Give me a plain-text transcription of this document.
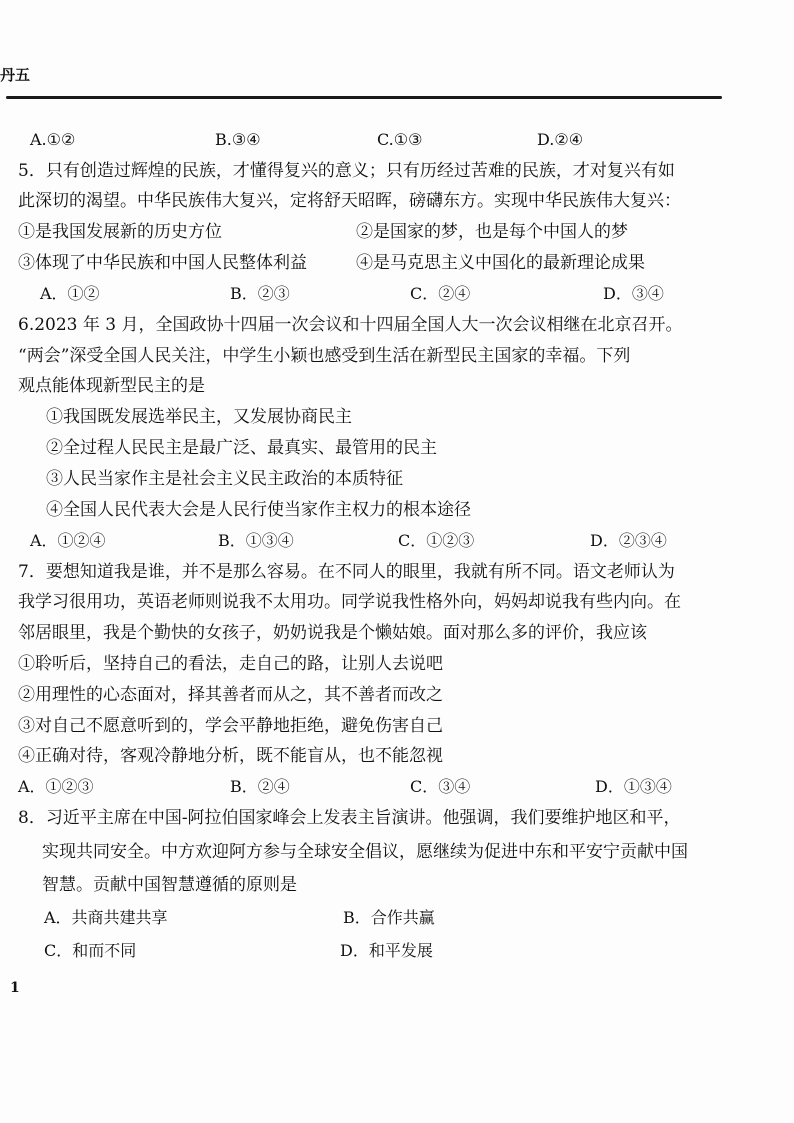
丹五
A.①②	B.③④	C.①③	D.②④
5．只有创造过辉煌的民族，才懂得复兴的意义；只有历经过苦难的民族，才对复兴有如
此深切的渴望。中华民族伟大复兴，定将舒天昭晖，磅礴东方。实现中华民族伟大复兴：
①是我国发展新的历史方位	②是国家的梦，也是每个中国人的梦
③体现了中华民族和中国人民整体利益	④是马克思主义中国化的最新理论成果
A．①②	B．②③	C．②④	D．③④
6.2023 年 3 月，全国政协十四届一次会议和十四届全国人大一次会议相继在北京召开。
“两会”深受全国人民关注，中学生小颖也感受到生活在新型民主国家的幸福。下列
观点能体现新型民主的是
①我国既发展选举民主，又发展协商民主
②全过程人民民主是最广泛、最真实、最管用的民主
③人民当家作主是社会主义民主政治的本质特征
④全国人民代表大会是人民行使当家作主权力的根本途径
A．①②④	B．①③④	C．①②③	D．②③④
7．要想知道我是谁，并不是那么容易。在不同人的眼里，我就有所不同。语文老师认为
我学习很用功，英语老师则说我不太用功。同学说我性格外向，妈妈却说我有些内向。在
邻居眼里，我是个勤快的女孩子，奶奶说我是个懒姑娘。面对那么多的评价，我应该
①聆听后，坚持自己的看法，走自己的路，让别人去说吧
②用理性的心态面对，择其善者而从之，其不善者而改之
③对自己不愿意听到的，学会平静地拒绝，避免伤害自己
④正确对待，客观冷静地分析，既不能盲从，也不能忽视
A．①②③	B．②④	C．③④	D．①③④
8．习近平主席在中国-阿拉伯国家峰会上发表主旨演讲。他强调，我们要维护地区和平，
实现共同安全。中方欢迎阿方参与全球安全倡议，愿继续为促进中东和平安宁贡献中国
智慧。贡献中国智慧遵循的原则是
A．共商共建共享	B．合作共赢
C．和而不同	D．和平发展
1
